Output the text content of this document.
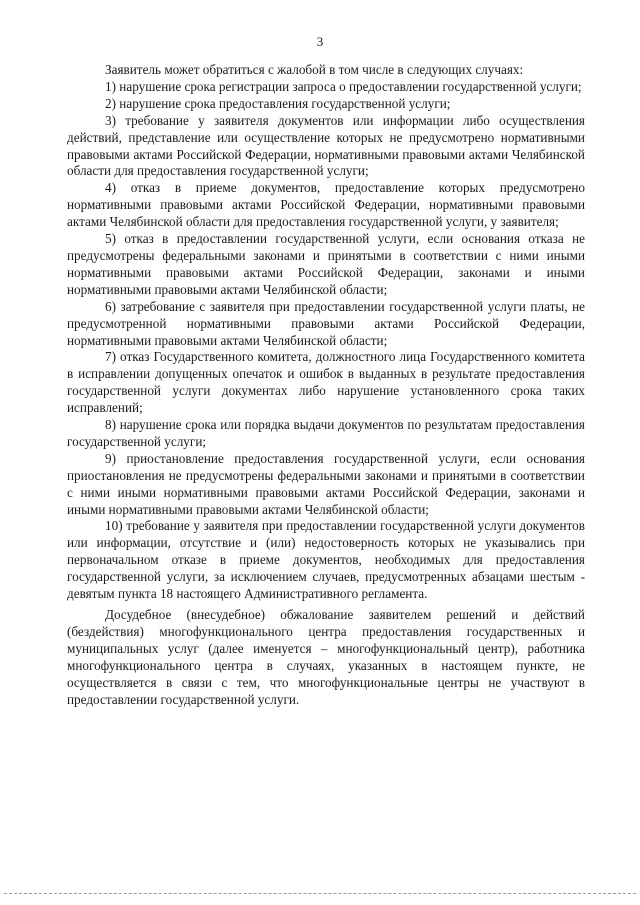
3

Заявитель может обратиться с жалобой в том числе в следующих случаях:

1) нарушение срока регистрации запроса о предоставлении государственной услуги;

2) нарушение срока предоставления государственной услуги;

3) требование у заявителя документов или информации либо осуществления действий, представление или осуществление которых не предусмотрено нормативными правовыми актами Российской Федерации, нормативными правовыми актами Челябинской области для предоставления государственной услуги;

4) отказ в приеме документов, предоставление которых предусмотрено нормативными правовыми актами Российской Федерации, нормативными правовыми актами Челябинской области для предоставления государственной услуги, у заявителя;

5) отказ в предоставлении государственной услуги, если основания отказа не предусмотрены федеральными законами и принятыми в соответствии с ними иными нормативными правовыми актами Российской Федерации, законами и иными нормативными правовыми актами Челябинской области;

6) затребование с заявителя при предоставлении государственной услуги платы, не предусмотренной нормативными правовыми актами Российской Федерации, нормативными правовыми актами Челябинской области;

7) отказ Государственного комитета, должностного лица Государственного комитета в исправлении допущенных опечаток и ошибок в выданных в результате предоставления государственной услуги документах либо нарушение установленного срока таких исправлений;

8) нарушение срока или порядка выдачи документов по результатам предоставления государственной услуги;

9) приостановление предоставления государственной услуги, если основания приостановления не предусмотрены федеральными законами и принятыми в соответствии с ними иными нормативными правовыми актами Российской Федерации, законами и иными нормативными правовыми актами Челябинской области;

10) требование у заявителя при предоставлении государственной услуги документов или информации, отсутствие и (или) недостоверность которых не указывались при первоначальном отказе в приеме документов, необходимых для предоставления государственной услуги, за исключением случаев, предусмотренных абзацами шестым - девятым пункта 18 настоящего Административного регламента.

Досудебное (внесудебное) обжалование заявителем решений и действий (бездействия) многофункционального центра предоставления государственных и муниципальных услуг (далее именуется – многофункциональный центр), работника многофункционального центра в случаях, указанных в настоящем пункте, не осуществляется в связи с тем, что многофункциональные центры не участвуют в предоставлении государственной услуги.
